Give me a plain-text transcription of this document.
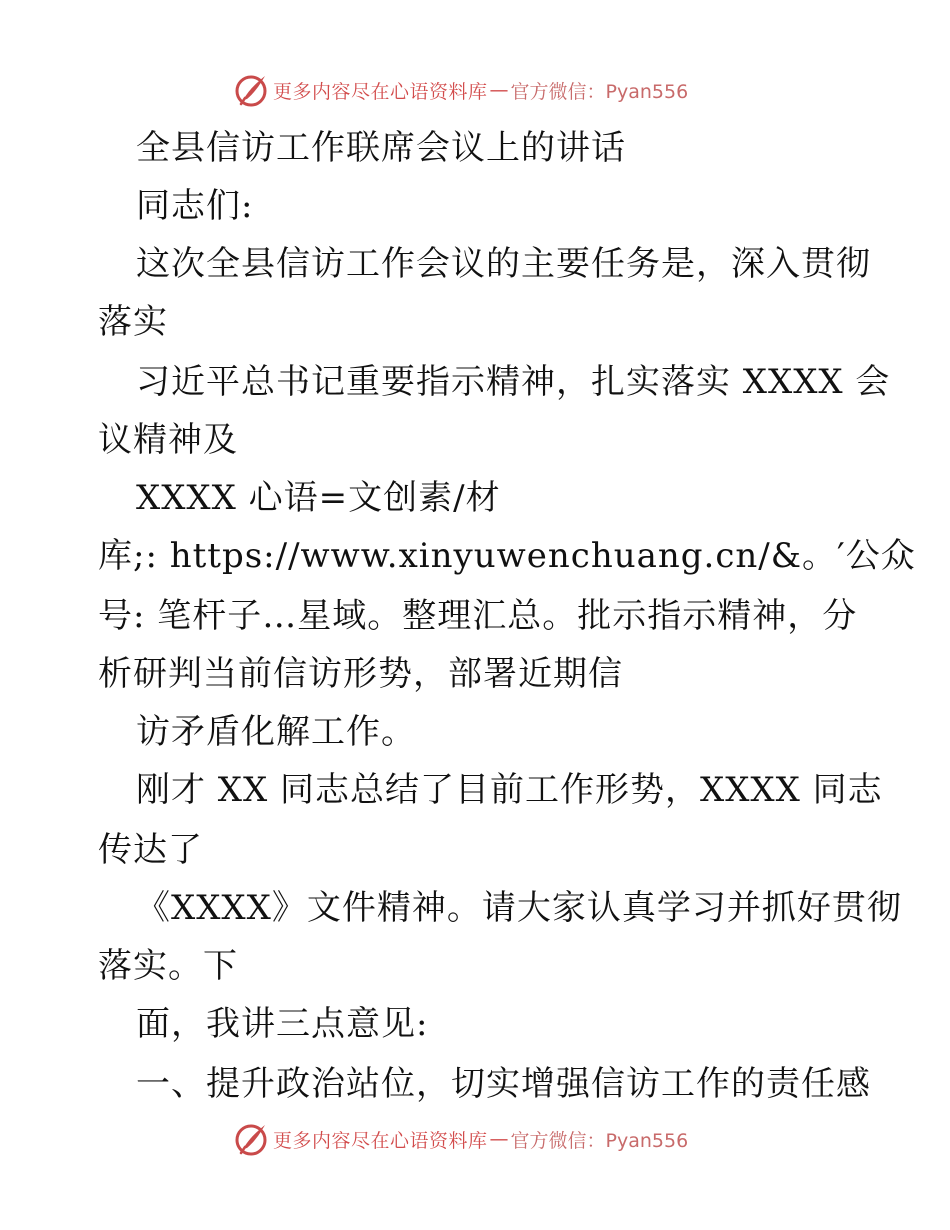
更多内容尽在心语资料库 — 官方微信：Pyan556
全县信访工作联席会议上的讲话
同志们:
这次全县信访工作会议的主要任务是，深入贯彻
落实
习近平总书记重要指示精神，扎实落实 XXXX 会
议精神及
XXXX 心语=文创素/材
库;: https://www.xinyuwenchuang.cn/&。′公众
号: 笔杆子…星域。整理汇总。批示指示精神，分
析研判当前信访形势，部署近期信
访矛盾化解工作。
刚才 XX 同志总结了目前工作形势，XXXX 同志
传达了
《XXXX》文件精神。请大家认真学习并抓好贯彻
落实。下
面，我讲三点意见:
一、提升政治站位，切实增强信访工作的责任感
更多内容尽在心语资料库 — 官方微信：Pyan556
